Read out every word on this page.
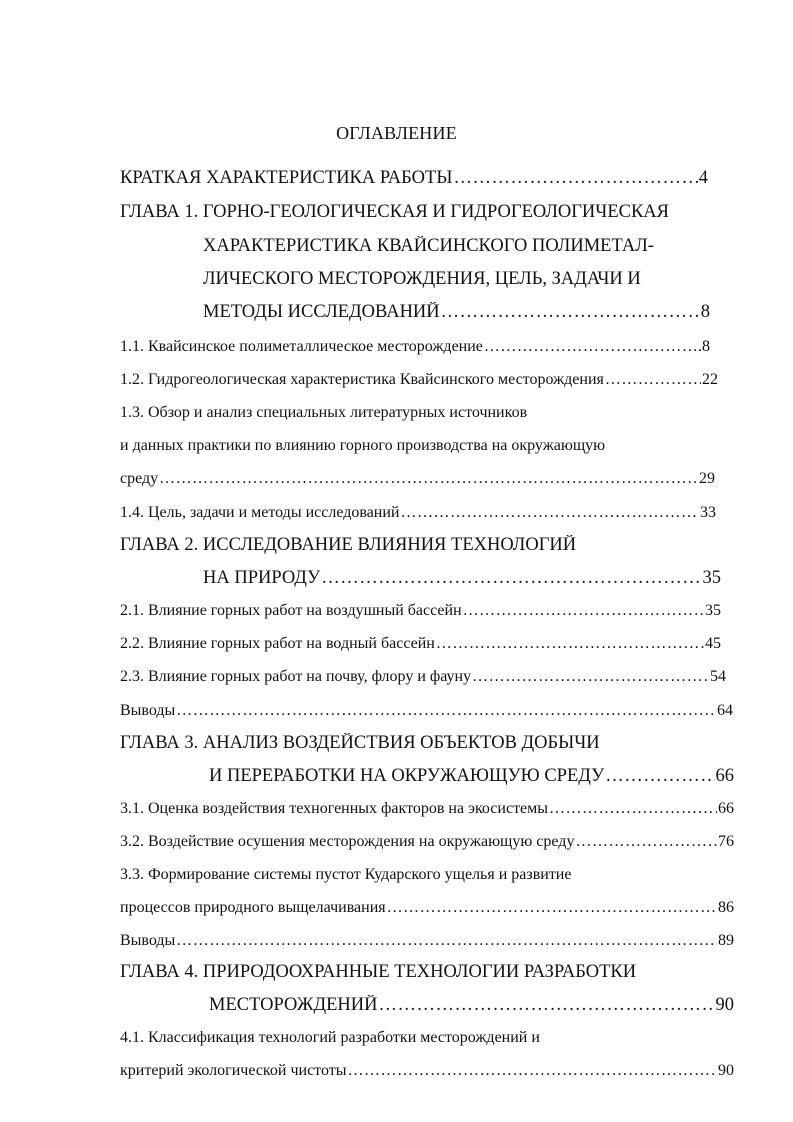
ОГЛАВЛЕНИЕ
КРАТКАЯ ХАРАКТЕРИСТИКА РАБОТЫ ……………………………………………………………………………………………………………………………………………………………………………………	4
ГЛАВА 1. ГОРНО-ГЕОЛОГИЧЕСКАЯ И ГИДРОГЕОЛОГИЧЕСКАЯ
ХАРАКТЕРИСТИКА КВАЙСИНСКОГО ПОЛИМЕТАЛ-
ЛИЧЕСКОГО МЕСТОРОЖДЕНИЯ, ЦЕЛЬ, ЗАДАЧИ И
МЕТОДЫ ИССЛЕДОВАНИЙ ……………………………………………………………………………………………………………………………………………………………………………………	8
1.1. Квайсинское полиметаллическое месторождение ……………………………………………………………………………………………………………………………………………………………………………………	.8
1.2. Гидрогеологическая характеристика Квайсинского месторождения ……………………………………………………………………………………………………………………………………………………………………………………	22
1.3. Обзор и анализ специальных литературных источников
и данных практики по влиянию горного производства на окружающую
среду ……………………………………………………………………………………………………………………………………………………………………………………	29
1.4. Цель, задачи и методы исследований ……………………………………………………………………………………………………………………………………………………………………………………	33
ГЛАВА 2. ИССЛЕДОВАНИЕ ВЛИЯНИЯ ТЕХНОЛОГИЙ
НА ПРИРОДУ ……………………………………………………………………………………………………………………………………………………………………………………	35
2.1. Влияние горных работ на воздушный бассейн ……………………………………………………………………………………………………………………………………………………………………………………	35
2.2. Влияние горных работ на водный бассейн ……………………………………………………………………………………………………………………………………………………………………………………	45
2.3. Влияние горных работ на почву, флору и фауну ……………………………………………………………………………………………………………………………………………………………………………………	54
Выводы ……………………………………………………………………………………………………………………………………………………………………………………	64
ГЛАВА 3. АНАЛИЗ ВОЗДЕЙСТВИЯ ОБЪЕКТОВ ДОБЫЧИ
И ПЕРЕРАБОТКИ НА ОКРУЖАЮЩУЮ СРЕДУ ……………………………………………………………………………………………………………………………………………………………………………………	66
3.1. Оценка воздействия техногенных факторов на экосистемы ……………………………………………………………………………………………………………………………………………………………………………………	66
3.2. Воздействие осушения месторождения на окружающую среду ……………………………………………………………………………………………………………………………………………………………………………………	76
3.3. Формирование системы пустот Кударского ущелья и развитие
процессов природного выщелачивания ……………………………………………………………………………………………………………………………………………………………………………………	86
Выводы ……………………………………………………………………………………………………………………………………………………………………………………	89
ГЛАВА 4. ПРИРОДООХРАННЫЕ ТЕХНОЛОГИИ РАЗРАБОТКИ
МЕСТОРОЖДЕНИЙ ……………………………………………………………………………………………………………………………………………………………………………………	90
4.1. Классификация технологий разработки месторождений и
критерий экологической чистоты ……………………………………………………………………………………………………………………………………………………………………………………	90
